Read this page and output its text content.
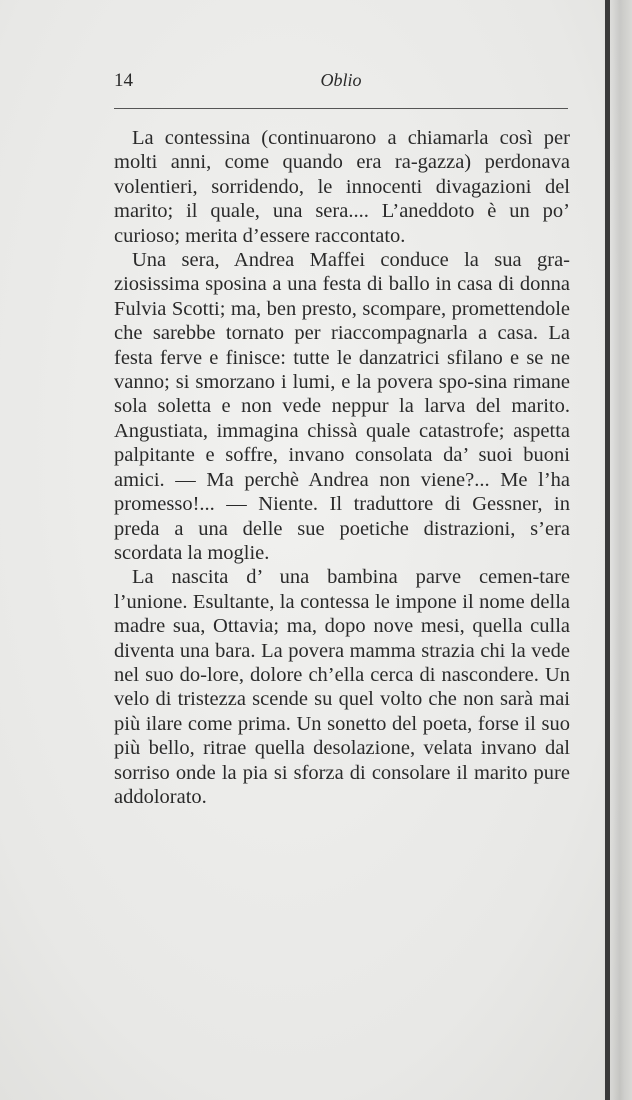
14	Oblio

La contessina (continuarono a chiamarla così per molti anni, come quando era ra-gazza) perdonava volentieri, sorridendo, le innocenti divagazioni del marito; il quale, una sera.... L’aneddoto è un po’ curioso; merita d’essere raccontato.

Una sera, Andrea Maffei conduce la sua gra-ziosissima sposina a una festa di ballo in casa di donna Fulvia Scotti; ma, ben presto, scompare, promettendole che sarebbe tornato per riaccompagnarla a casa. La festa ferve e finisce: tutte le danzatrici sfilano e se ne vanno; si smorzano i lumi, e la povera spo-sina rimane sola soletta e non vede neppur la larva del marito. Angustiata, immagina chissà quale catastrofe; aspetta palpitante e soffre, invano consolata da’ suoi buoni amici. — Ma perchè Andrea non viene?... Me l’ha promesso!... — Niente. Il traduttore di Gessner, in preda a una delle sue poetiche distrazioni, s’era scordata la moglie.

La nascita d’ una bambina parve cemen-tare l’unione. Esultante, la contessa le impone il nome della madre sua, Ottavia; ma, dopo nove mesi, quella culla diventa una bara. La povera mamma strazia chi la vede nel suo do-lore, dolore ch’ella cerca di nascondere. Un velo di tristezza scende su quel volto che non sarà mai più ilare come prima. Un sonetto del poeta, forse il suo più bello, ritrae quella desolazione, velata invano dal sorriso onde la pia si sforza di consolare il marito pure addolorato.
